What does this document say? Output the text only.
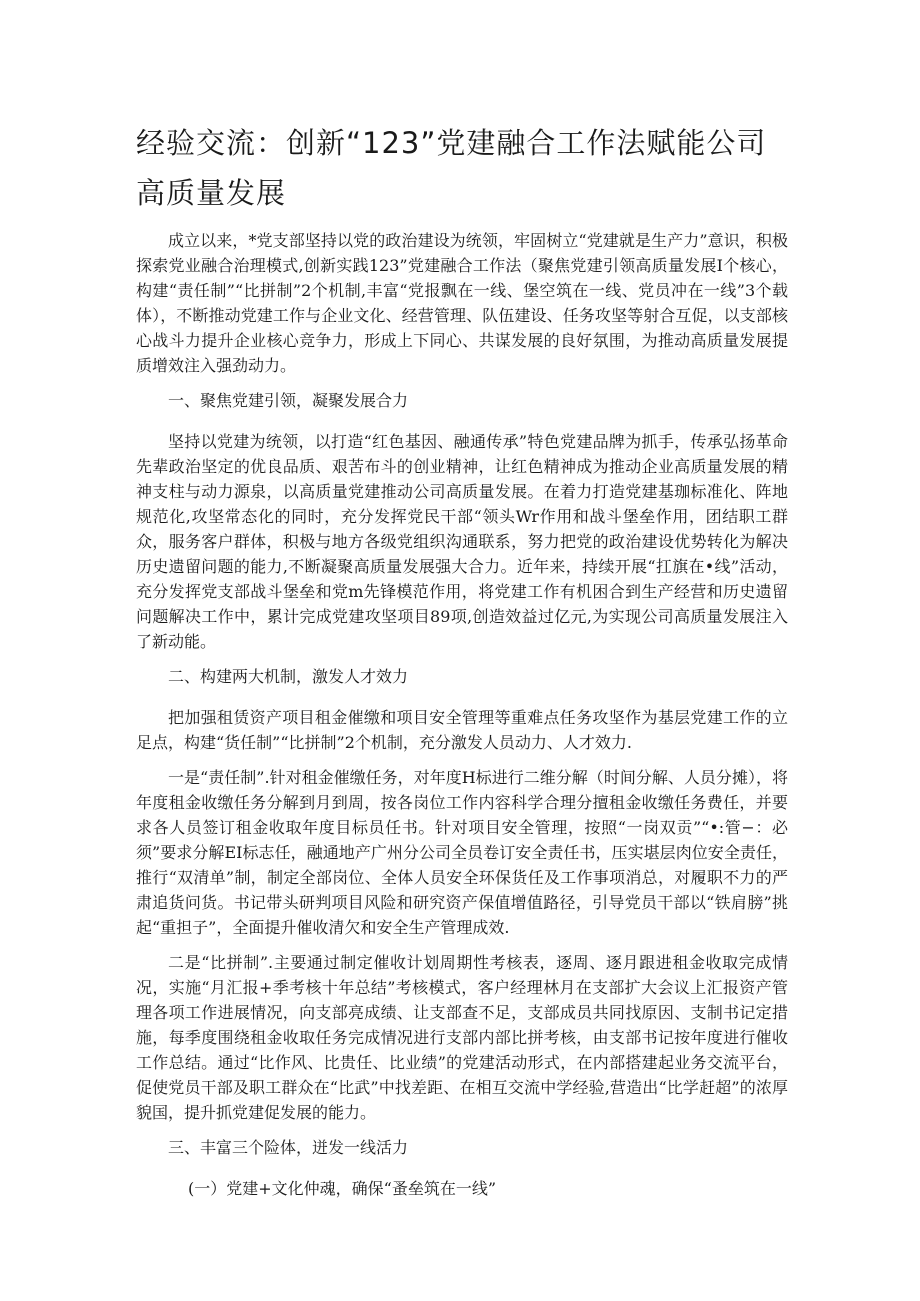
经验交流：创新“123”党建融合工作法赋能公司高质量发展

成立以来，*党支部坚持以党的政治建设为统领，牢固树立“党建就是生产力”意识，积极探索党业融合治理模式,创新实践123”党建融合工作法（聚焦党建引领高质量发展Ⅰ个核心，构建“责任制”“比拼制”2个机制,丰富“党报飘在一线、堡空筑在一线、党员冲在一线”3个载体），不断推动党建工作与企业文化、经营管理、队伍建设、任务攻坚等射合互促，以支部核心战斗力提升企业核心竞争力，形成上下同心、共谋发展的良好氛围，为推动高质量发展提质增效注入强劲动力。

一、聚焦党建引领，凝聚发展合力

坚持以党建为统领，以打造“红色基因、融通传承”特色党建品牌为抓手，传承弘扬革命先辈政治坚定的优良品质、艰苦布斗的创业精神，让红色精神成为推动企业高质量发展的精神支柱与动力源泉，以高质量党建推动公司高质量发展。在着力打造党建基珈标准化、阵地规范化,攻坚常态化的同时，充分发挥党民干部“领头Wr作用和战斗堡垒作用，团结职工群众，服务客户群体，积极与地方各级党组织沟通联系，努力把党的政治建设优势转化为解决历史遗留问题的能力,不断凝聚高质量发展强大合力。近年来，持续开展“扛旗在•线”活动，充分发挥党支部战斗堡垒和党m先锋模范作用，将党建工作有机困合到生产经营和历史遗留问题解决工作中，累计完成党建攻坚项目89项,创造效益过亿元,为实现公司高质量发展注入了新动能。

二、构建两大机制，激发人才效力

把加强租赁资产项目租金催缴和项目安全管理等重难点任务攻坚作为基层党建工作的立足点，构建“货任制”“比拼制”2个机制，充分激发人员动力、人才效力.

一是“责任制”.针对租金催缴任务，对年度H标进行二维分解（时间分解、人员分摊），将年度租金收缴任务分解到月到周，按各岗位工作内容科学合理分擅租金收缴任务费任，并要求各人员签订租金收取年度目标员任书。针对项目安全管理，按照“一岗双贡”“•:管−：必须”要求分解EI标志任，融通地产广州分公司全员卷订安全责任书，压实堪层肉位安全责任，推行“双清单”制，制定全部岗位、全体人员安全环保货任及工作事项消总，对履职不力的严肃追货问货。书记带头研判项目风险和研究资产保值增值路径，引导党员干部以“铁肩膀”挑起“重担子”，全面提升催收清欠和安全生产管理成效.

二是“比拼制”.主要通过制定催收计划周期性考核表，逐周、逐月跟进租金收取完成情况，实施“月汇报+季考核十年总结”考核模式，客户经理林月在支部扩大会议上汇报资产管理各项工作进展情况，向支部亮成绩、让支部查不足，支部成员共同找原因、支制书记定措施，每季度围绕租金收取任务完成情况进行支部内部比拼考核，由支部书记按年度进行催收工作总结。通过“比作风、比贵任、比业绩”的党建活动形式，在内部搭建起业务交流平台，促使党员干部及职工群众在“比武”中找差距、在相互交流中学经验,营造出“比学赶超”的浓厚貌国，提升抓党建促发展的能力。

三、丰富三个险体，迸发一线活力

(一）党建+文化仲魂，确保“蚤垒筑在一线”
